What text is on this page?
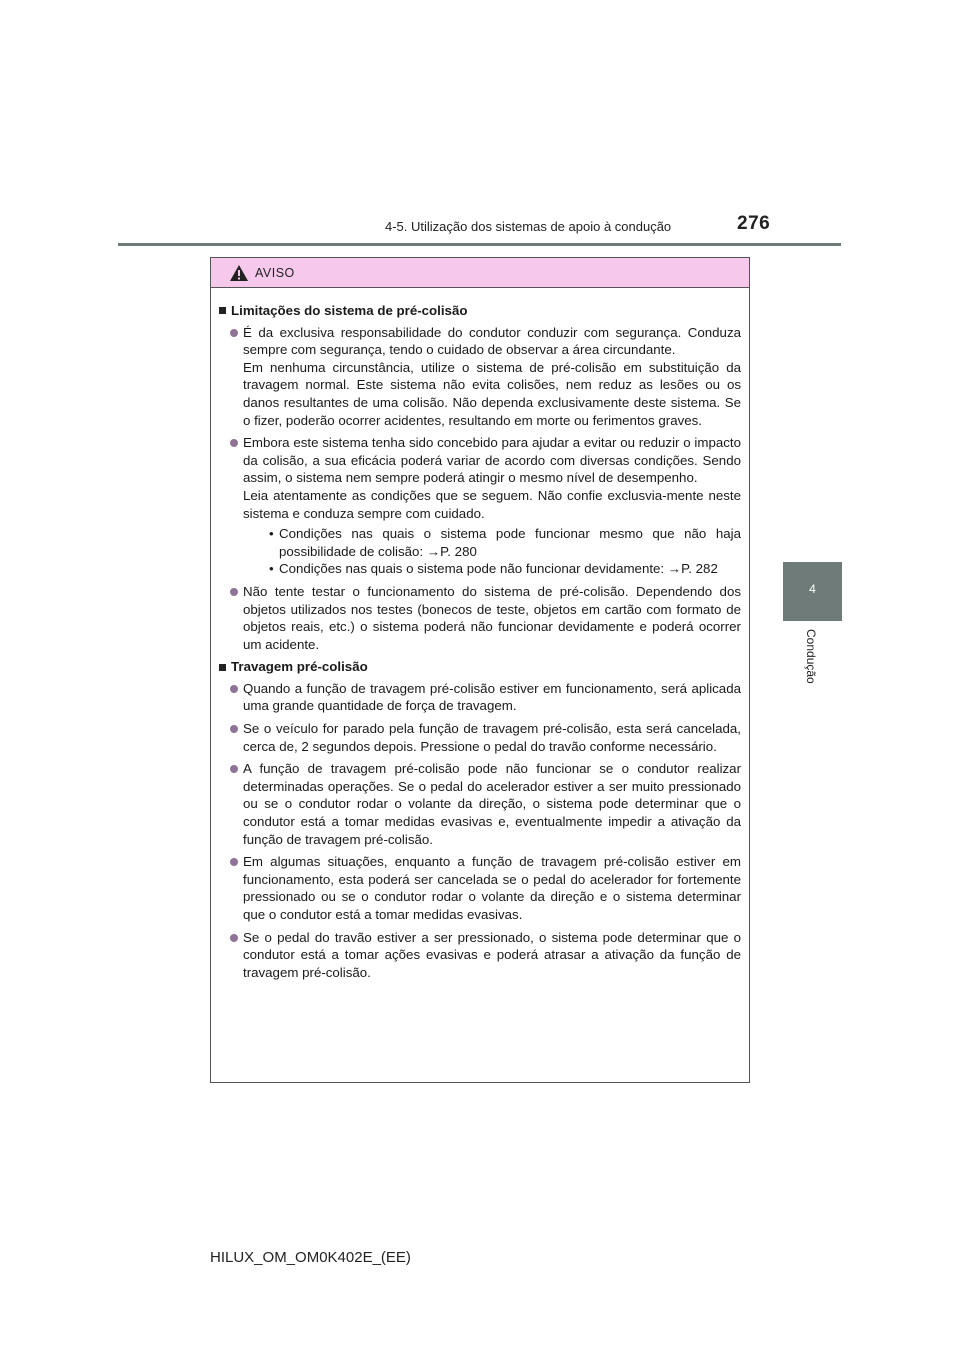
4-5. Utilização dos sistemas de apoio à condução	276
4
Condução
AVISO
Limitações do sistema de pré-colisão
É da exclusiva responsabilidade do condutor conduzir com segurança. Conduza sempre com segurança, tendo o cuidado de observar a área circundante.
Em nenhuma circunstância, utilize o sistema de pré-colisão em substituição da travagem normal. Este sistema não evita colisões, nem reduz as lesões ou os danos resultantes de uma colisão. Não dependa exclusivamente deste sistema. Se o fizer, poderão ocorrer acidentes, resultando em morte ou ferimentos graves.
Embora este sistema tenha sido concebido para ajudar a evitar ou reduzir o impacto da colisão, a sua eficácia poderá variar de acordo com diversas condições. Sendo assim, o sistema nem sempre poderá atingir o mesmo nível de desempenho.
Leia atentamente as condições que se seguem. Não confie exclusvia-mente neste sistema e conduza sempre com cuidado.
• Condições nas quais o sistema pode funcionar mesmo que não haja possibilidade de colisão: →P. 280
• Condições nas quais o sistema pode não funcionar devidamente: →P. 282
Não tente testar o funcionamento do sistema de pré-colisão. Dependendo dos objetos utilizados nos testes (bonecos de teste, objetos em cartão com formato de objetos reais, etc.) o sistema poderá não funcionar devidamente e poderá ocorrer um acidente.
Travagem pré-colisão
Quando a função de travagem pré-colisão estiver em funcionamento, será aplicada uma grande quantidade de força de travagem.
Se o veículo for parado pela função de travagem pré-colisão, esta será cancelada, cerca de, 2 segundos depois. Pressione o pedal do travão conforme necessário.
A função de travagem pré-colisão pode não funcionar se o condutor realizar determinadas operações. Se o pedal do acelerador estiver a ser muito pressionado ou se o condutor rodar o volante da direção, o sistema pode determinar que o condutor está a tomar medidas evasivas e, eventualmente impedir a ativação da função de travagem pré-colisão.
Em algumas situações, enquanto a função de travagem pré-colisão estiver em funcionamento, esta poderá ser cancelada se o pedal do acelerador for fortemente pressionado ou se o condutor rodar o volante da direção e o sistema determinar que o condutor está a tomar medidas evasivas.
Se o pedal do travão estiver a ser pressionado, o sistema pode determinar que o condutor está a tomar ações evasivas e poderá atrasar a ativação da função de travagem pré-colisão.
HILUX_OM_OM0K402E_(EE)
